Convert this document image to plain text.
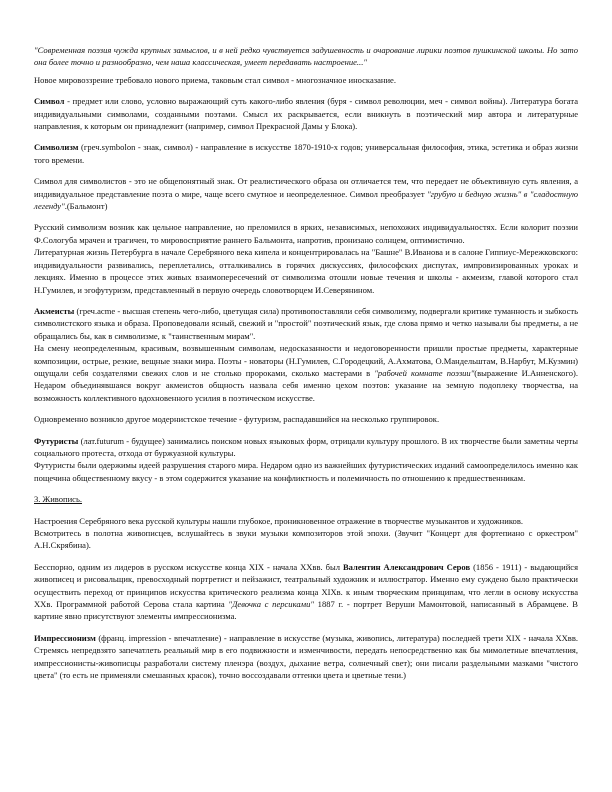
"Современная поэзия чужда крупных замыслов, и в ней редко чувствуется задушевность и очарование лирики поэтов пушкинской школы. Но зато она более точно и разнообразно, чем наша классическая, умеет передавать настроение..."

Новое мировоззрение требовало нового приема, таковым стал символ - многозначное иносказание.

Символ - предмет или слово, условно выражающий суть какого-либо явления (буря - символ революции, меч - символ войны). Литература богата индивидуальными символами, созданными поэтами. Смысл их раскрывается, если вникнуть в поэтический мир автора и литературные направления, к которым он принадлежит (например, символ Прекрасной Дамы у Блока).

Символизм (греч.symbolon - знак, символ) - направление в искусстве 1870-1910-х годов; универсальная философия, этика, эстетика и образ жизни того времени.

Символ для символистов - это не общепонятный знак. От реалистического образа он отличается тем, что передает не объективную суть явления, а индивидуальное представление поэта о мире, чаще всего смутное и неопределенное. Символ преобразует "грубую и бедную жизнь" в "сладостную легенду".(Бальмонт)

Русский символизм возник как цельное направление, но преломился в ярких, независимых, непохожих индивидуальностях. Если колорит поэзии Ф.Сологуба мрачен и трагичен, то мировосприятие раннего Бальмонта, напротив, пронизано солнцем, оптимистично.

Литературная жизнь Петербурга в начале Серебряного века кипела и концентрировалась на "Башне" В.Иванова и в салоне Гиппиус-Мережковского: индивидуальности развивались, переплетались, отталкивались в горячих дискуссиях, философских диспутах, импровизированных уроках и лекциях. Именно в процессе этих живых взаимопересечений от символизма отошли новые течения и школы - акмеизм, главой которого стал Н.Гумилев, и эгофутуризм, представленный в первую очередь словотворцем И.Северянином.

Акмеисты (греч.acme - высшая степень чего-либо, цветущая сила) противопоставляли себя символизму, подвергали критике туманность и зыбкость символистского языка и образа. Проповедовали ясный, свежий и "простой" поэтический язык, где слова прямо и четко называли бы предметы, а не обращались бы, как в символизме, к "таинственным мирам".

На смену неопределенным, красивым, возвышенным символам, недосказанности и недоговоренности пришли простые предметы, характерные композиции, острые, резкие, вещные знаки мира. Поэты - новаторы (Н.Гумилев, С.Городецкий, А.Ахматова, О.Мандельштам, В.Нарбут, М.Кузмин) ощущали себя создателями свежих слов и не столько пророками, сколько мастерами в "рабочей комнате поэзии"(выражение И.Анненского). Недаром объединявшаяся вокруг акмеистов общность назвала себя именно цехом поэтов: указание на земную подоплеку творчества, на возможность коллективного вдохновенного усилия в поэтическом искусстве.

Одновременно возникло другое модернистское течение - футуризм, распадавшийся на несколько группировок.

Футуристы (лат.futurum - будущее) занимались поиском новых языковых форм, отрицали культуру прошлого. В их творчестве были заметны черты социального протеста, отхода от буржуазной культуры.

Футуристы были одержимы идеей разрушения старого мира. Недаром одно из важнейших футуристических изданий самоопределилось именно как пощечина общественному вкусу - в этом содержится указание на конфликтность и полемичность по отношению к предшественникам.

3. Живопись.

Настроения Серебряного века русской культуры нашли глубокое, проникновенное отражение в творчестве музыкантов и художников.

Всмотритесь в полотна живописцев, вслушайтесь в звуки музыки композиторов этой эпохи. (Звучит "Концерт для фортепиано с оркестром" А.Н.Скрябина).

Бесспорно, одним из лидеров в русском искусстве конца XIX - начала XXвв. был Валентин Александрович Серов (1856 - 1911) - выдающийся живописец и рисовальщик, превосходный портретист и пейзажист, театральный художник и иллюстратор. Именно ему суждено было практически осуществить переход от принципов искусства критического реализма конца XIXв. к иным творческим принципам, что легли в основу искусства XXв. Программной работой Серова стала картина "Девочка с персиками" 1887 г. - портрет Веруши Мамонтовой, написанный в Абрамцеве. В картине явно присутствуют элементы импрессионизма.

Импрессионизм (франц. impression - впечатление) - направление в искусстве (музыка, живопись, литература) последней трети XIX - начала XXвв. Стремясь непредвзято запечатлеть реальный мир в его подвижности и изменчивости, передать непосредственно как бы мимолетные впечатления, импрессионисты-живописцы разработали систему пленэра (воздух, дыхание ветра, солнечный свет); они писали раздельными мазками "чистого цвета" (то есть не применяли смешанных красок), точно воссоздавали оттенки цвета и цветные тени.)
